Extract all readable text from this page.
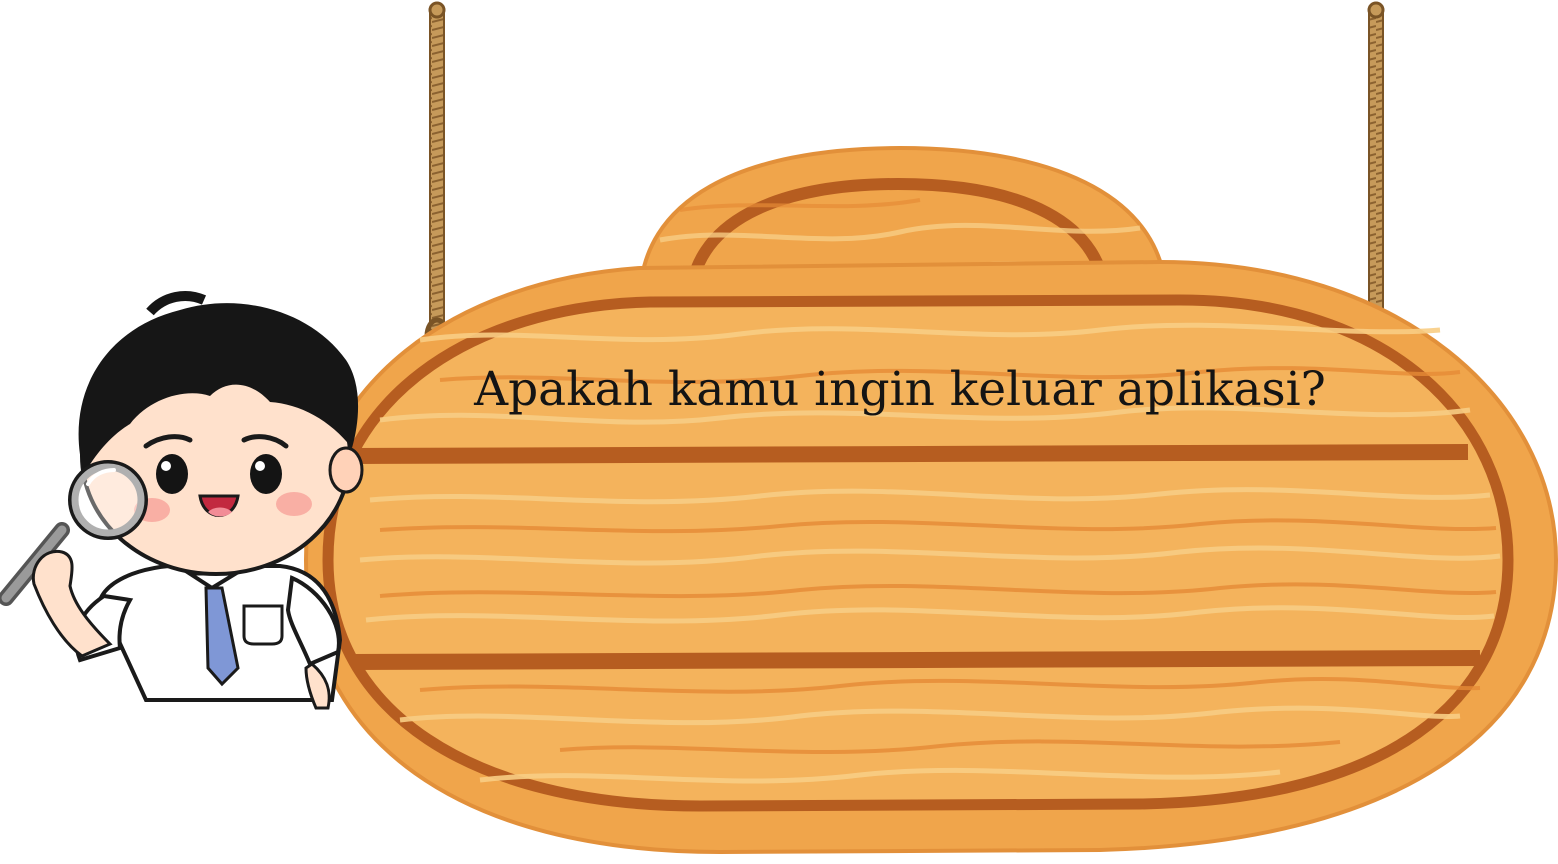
Apakah kamu ingin keluar aplikasi?
